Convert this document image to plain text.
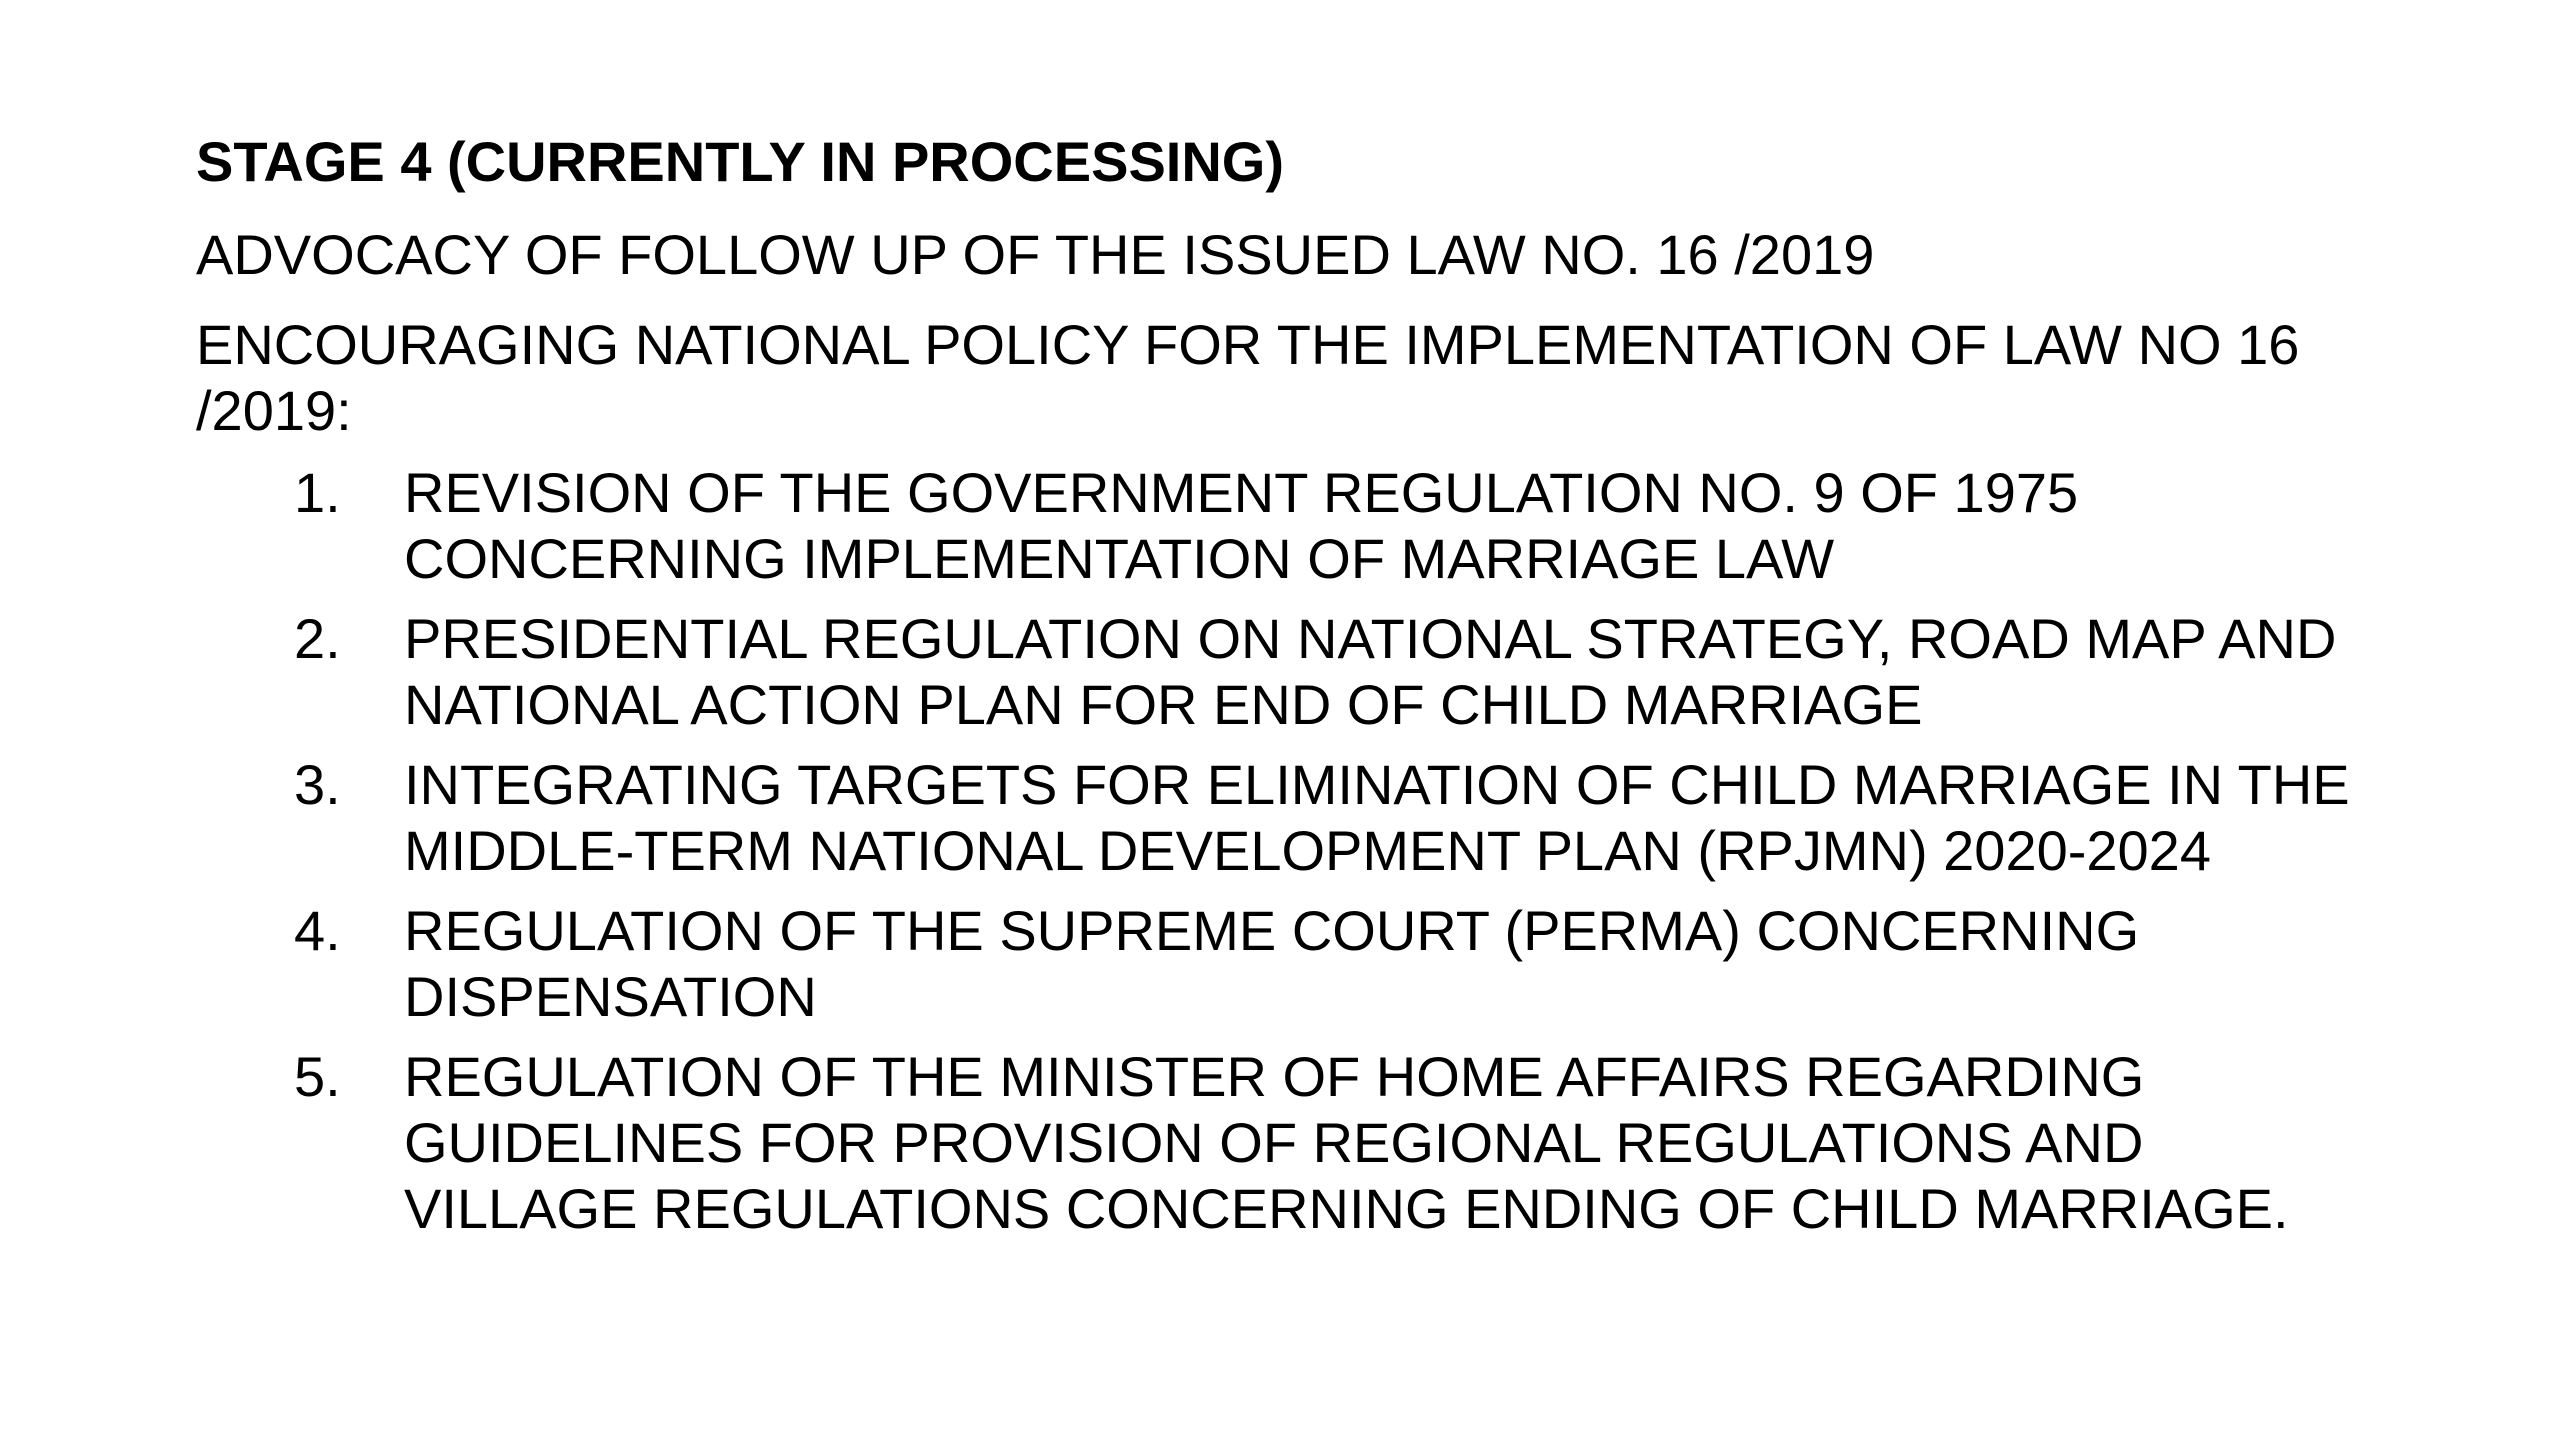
STAGE 4 (CURRENTLY IN PROCESSING)
ADVOCACY OF FOLLOW UP OF THE ISSUED LAW NO. 16 /2019
ENCOURAGING NATIONAL POLICY FOR THE IMPLEMENTATION OF LAW NO 16 /2019:
1. REVISION OF THE GOVERNMENT REGULATION NO. 9 OF 1975 CONCERNING IMPLEMENTATION OF MARRIAGE LAW
2. PRESIDENTIAL REGULATION ON NATIONAL STRATEGY, ROAD MAP AND NATIONAL ACTION PLAN FOR END OF CHILD MARRIAGE
3. INTEGRATING TARGETS FOR ELIMINATION OF CHILD MARRIAGE IN THE MIDDLE-TERM NATIONAL DEVELOPMENT PLAN (RPJMN) 2020-2024
4. REGULATION OF THE SUPREME COURT (PERMA) CONCERNING DISPENSATION
5. REGULATION OF THE MINISTER OF HOME AFFAIRS REGARDING GUIDELINES FOR PROVISION OF REGIONAL REGULATIONS AND VILLAGE REGULATIONS CONCERNING ENDING OF CHILD MARRIAGE.
